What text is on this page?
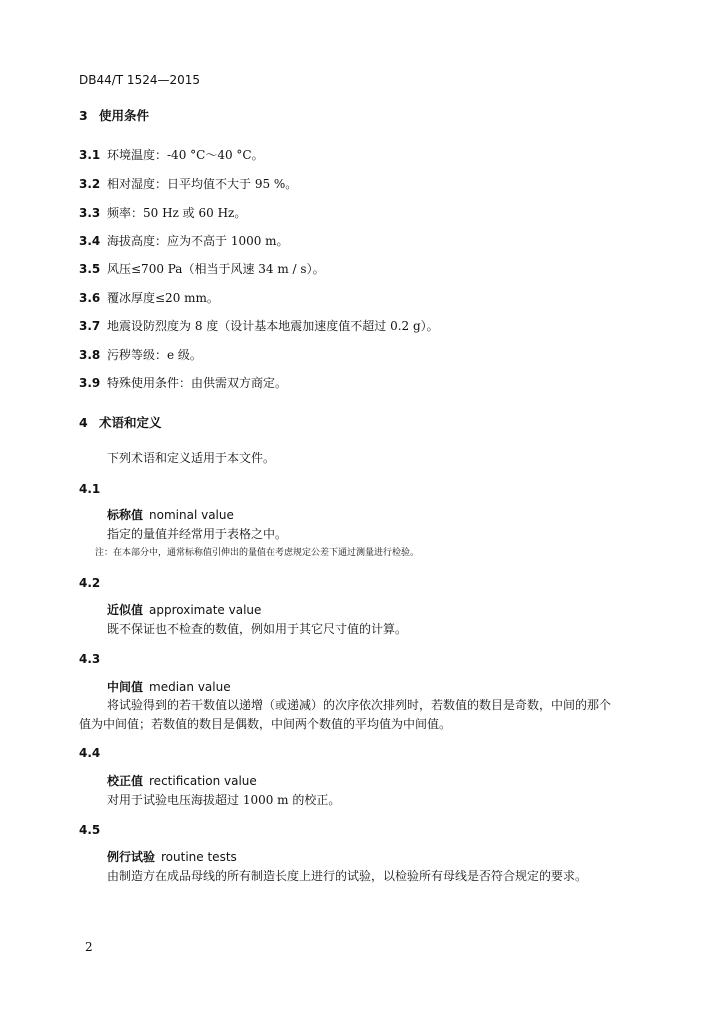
DB44/T 1524—2015
3 使用条件
3.1 环境温度：-40 °C～40 °C。
3.2 相对湿度：日平均值不大于 95 %。
3.3 频率：50 Hz 或 60 Hz。
3.4 海拔高度：应为不高于 1000 m。
3.5 风压≤700 Pa（相当于风速 34 m / s）。
3.6 覆冰厚度≤20 mm。
3.7 地震设防烈度为 8 度（设计基本地震加速度值不超过 0.2 g）。
3.8 污秽等级：e 级。
3.9 特殊使用条件：由供需双方商定。
4 术语和定义
下列术语和定义适用于本文件。
4.1
标称值 nominal value
指定的量值并经常用于表格之中。
注：在本部分中，通常标称值引伸出的量值在考虑规定公差下通过测量进行检验。
4.2
近似值 approximate value
既不保证也不检查的数值，例如用于其它尺寸值的计算。
4.3
中间值 median value
将试验得到的若干数值以递增（或递减）的次序依次排列时，若数值的数目是奇数，中间的那个
值为中间值；若数值的数目是偶数，中间两个数值的平均值为中间值。
4.4
校正值 rectification value
对用于试验电压海拔超过 1000 m 的校正。
4.5
例行试验 routine tests
由制造方在成品母线的所有制造长度上进行的试验，以检验所有母线是否符合规定的要求。
2
